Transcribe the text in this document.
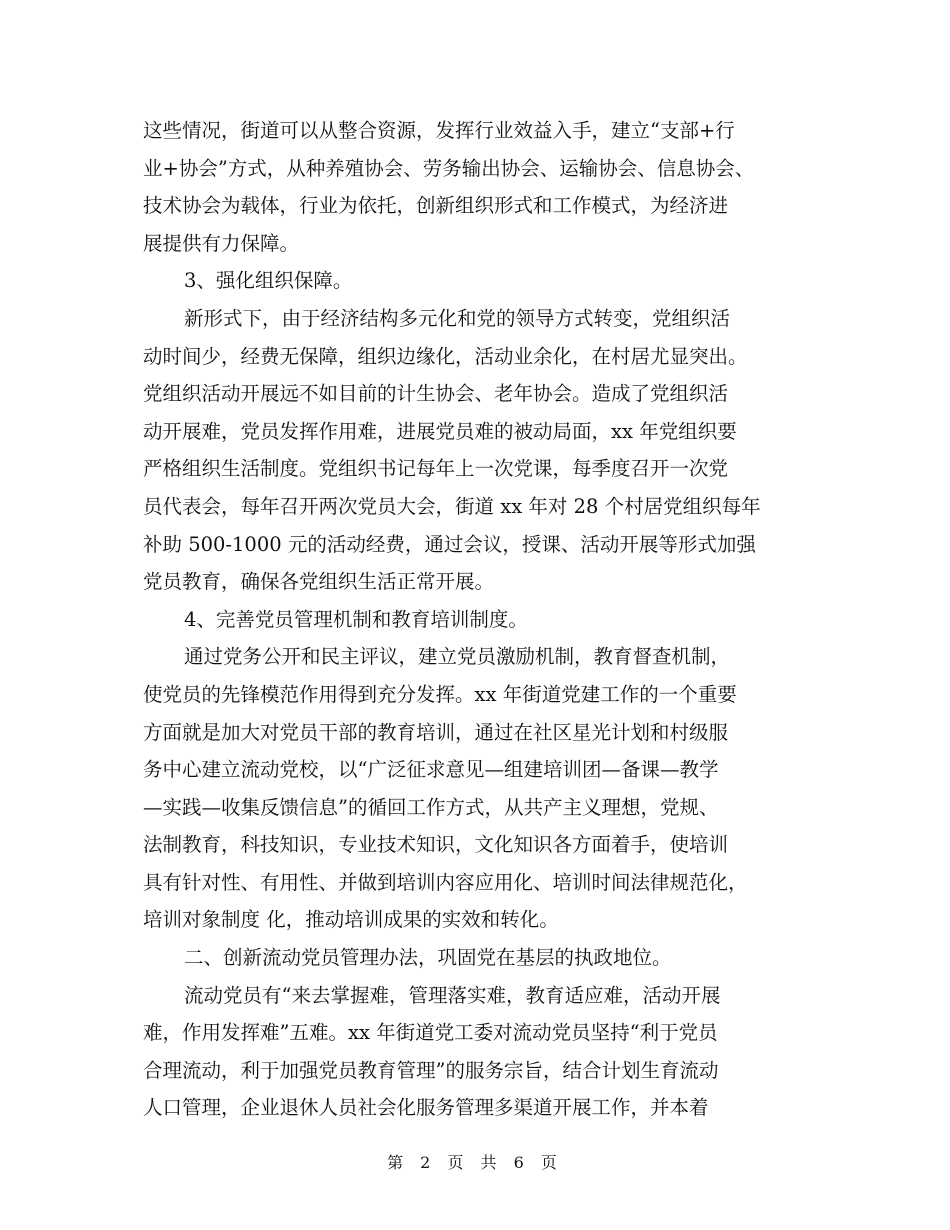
这些情况，街道可以从整合资源，发挥行业效益入手，建立“支部+行
业+协会”方式，从种养殖协会、劳务输出协会、运输协会、信息协会、
技术协会为载体，行业为依托，创新组织形式和工作模式，为经济进
展提供有力保障。
3、强化组织保障。
新形式下，由于经济结构多元化和党的领导方式转变，党组织活
动时间少，经费无保障，组织边缘化，活动业余化，在村居尤显突出。
党组织活动开展远不如目前的计生协会、老年协会。造成了党组织活
动开展难，党员发挥作用难，进展党员难的被动局面，xx 年党组织要
严格组织生活制度。党组织书记每年上一次党课，每季度召开一次党
员代表会，每年召开两次党员大会，街道 xx 年对 28 个村居党组织每年
补助 500-1000 元的活动经费，通过会议，授课、活动开展等形式加强
党员教育，确保各党组织生活正常开展。
4、完善党员管理机制和教育培训制度。
通过党务公开和民主评议，建立党员激励机制，教育督查机制，
使党员的先锋模范作用得到充分发挥。xx 年街道党建工作的一个重要
方面就是加大对党员干部的教育培训，通过在社区星光计划和村级服
务中心建立流动党校，以“广泛征求意见—组建培训团—备课—教学
—实践—收集反馈信息”的循回工作方式，从共产主义理想，党规、
法制教育，科技知识，专业技术知识，文化知识各方面着手，使培训
具有针对性、有用性、并做到培训内容应用化、培训时间法律规范化，
培训对象制度 化，推动培训成果的实效和转化。
二、创新流动党员管理办法，巩固党在基层的执政地位。
流动党员有“来去掌握难，管理落实难，教育适应难，活动开展
难，作用发挥难”五难。xx 年街道党工委对流动党员坚持“利于党员
合理流动，利于加强党员教育管理”的服务宗旨，结合计划生育流动
人口管理，企业退休人员社会化服务管理多渠道开展工作，并本着
第 2 页 共 6 页
